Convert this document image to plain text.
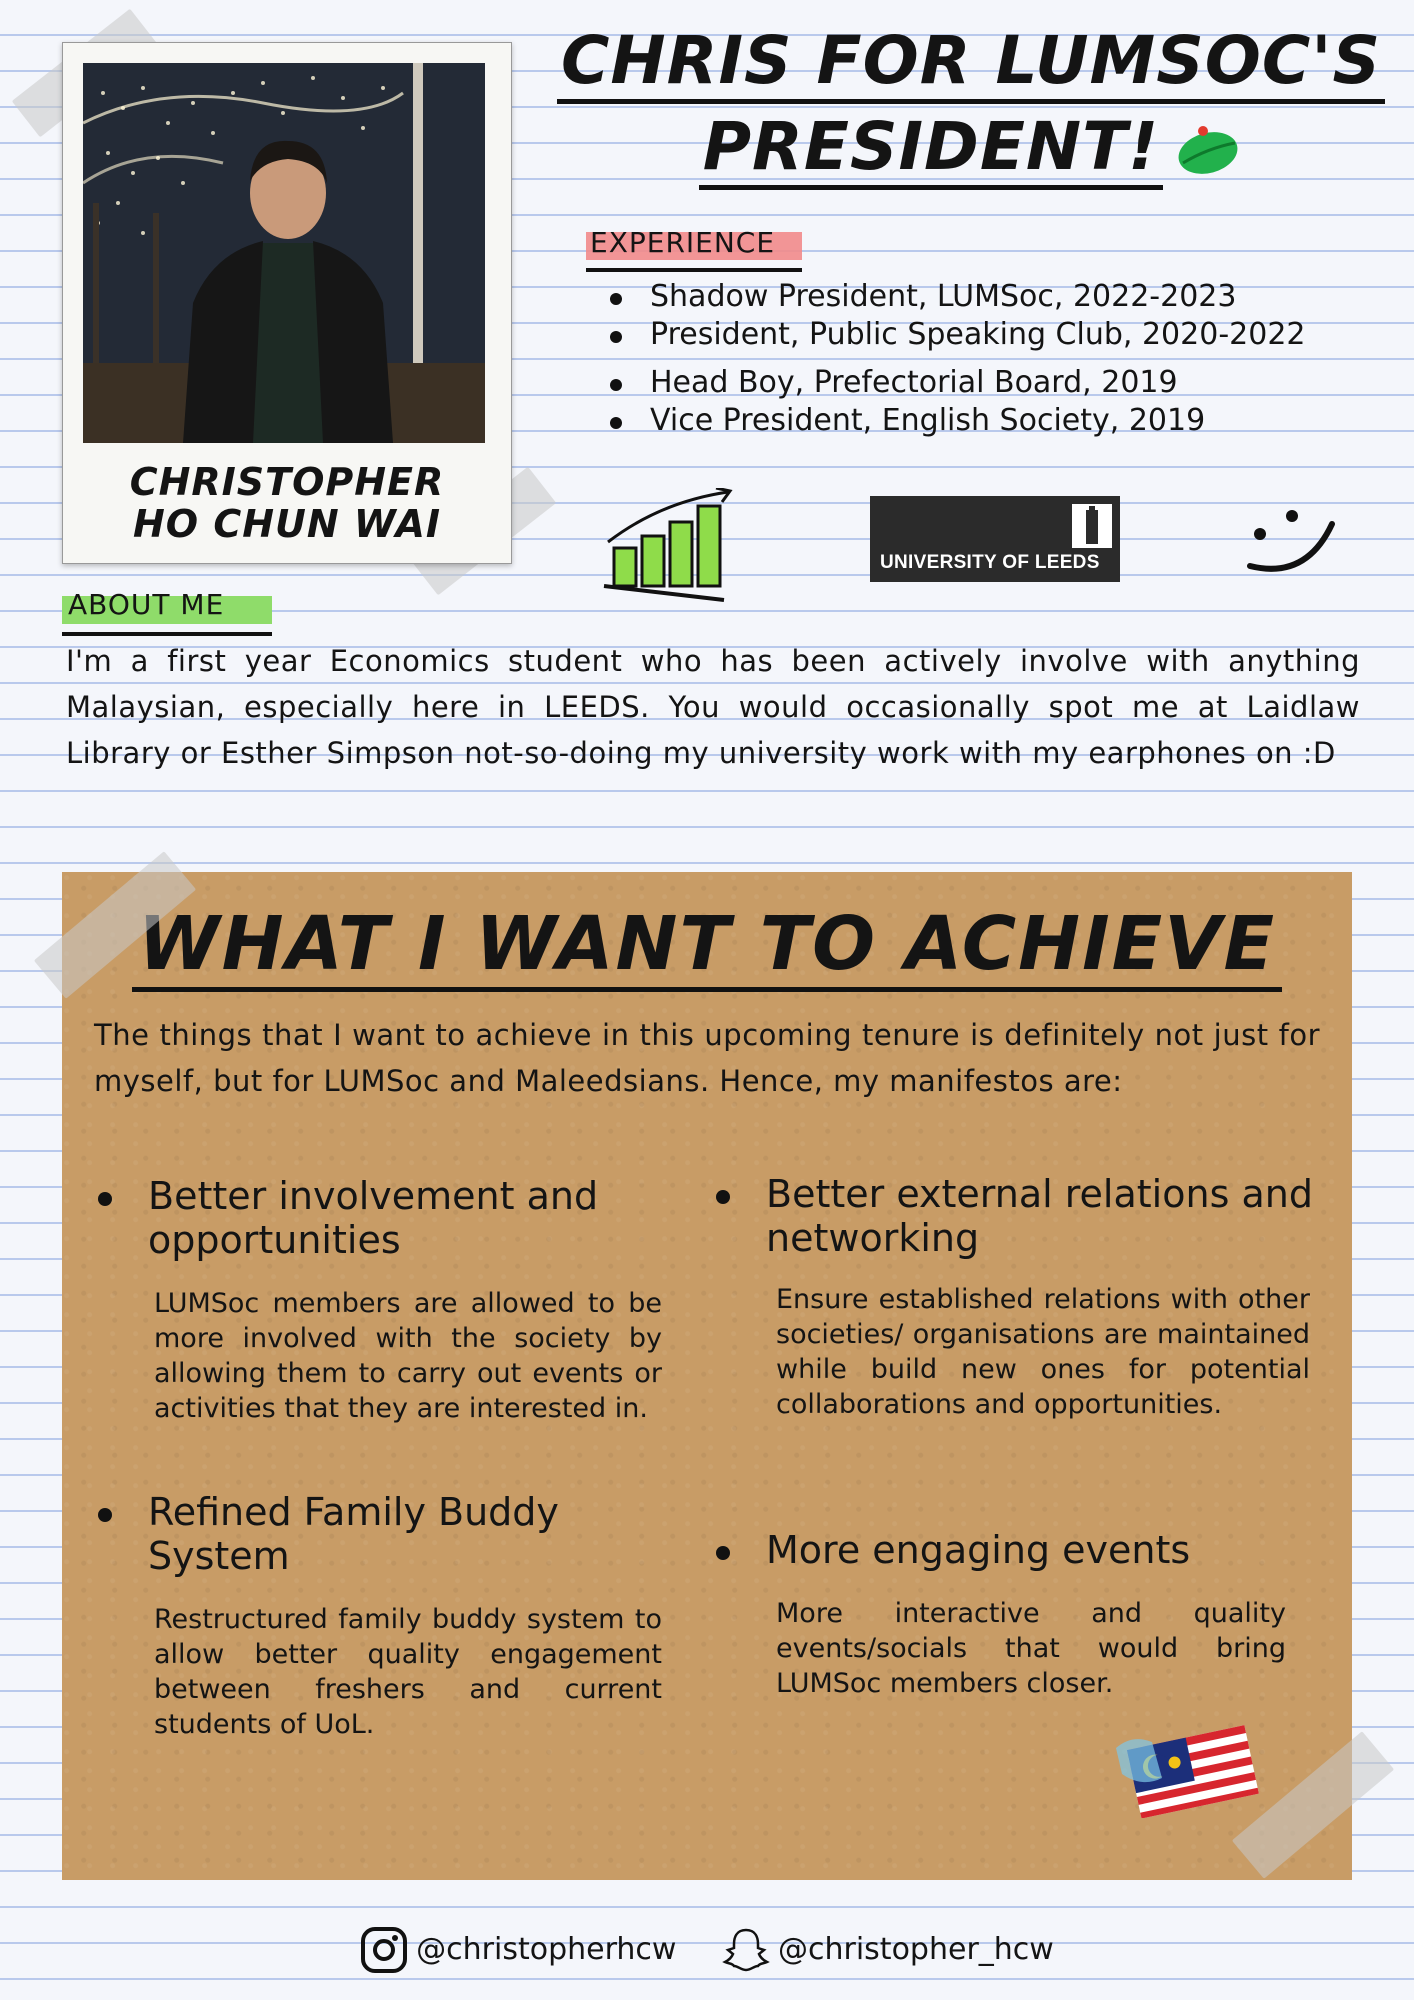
CHRIS FOR LUMSOC'S
PRESIDENT!
CHRISTOPHER
HO CHUN WAI
EXPERIENCE
Shadow President, LUMSoc, 2022-2023
President, Public Speaking Club, 2020-2022
Head Boy, Prefectorial Board, 2019
Vice President, English Society, 2019
UNIVERSITY OF LEEDS
ABOUT ME
I'm a first year Economics student who has been actively involve with anything Malaysian, especially here in LEEDS. You would occasionally spot me at Laidlaw Library or Esther Simpson not-so-doing my university work with my earphones on :D
WHAT I WANT TO ACHIEVE
The things that I want to achieve in this upcoming tenure is definitely not just for myself, but for LUMSoc and Maleedsians. Hence, my manifestos are:
Better involvement and opportunities
LUMSoc members are allowed to be more involved with the society by allowing them to carry out events or activities that they are interested in.
Refined Family Buddy System
Restructured family buddy system to allow better quality engagement between freshers and current students of UoL.
Better external relations and networking
Ensure established relations with other societies/ organisations are maintained while build new ones for potential collaborations and opportunities.
More engaging events
More interactive and quality events/socials that would bring LUMSoc members closer.
@christopherhcw
	@christopher_hcw
